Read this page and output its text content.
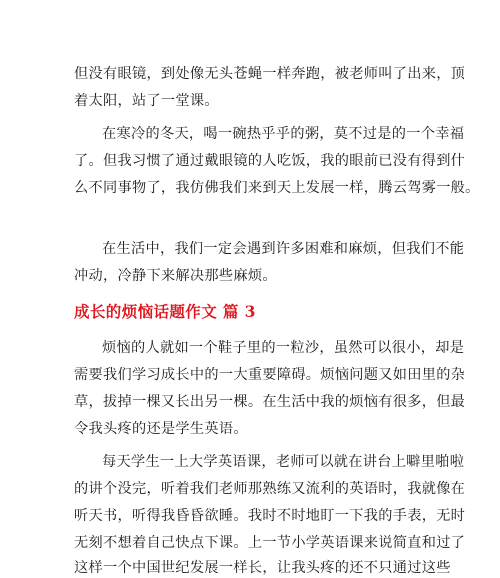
但没有眼镜，到处像无头苍蝇一样奔跑，被老师叫了出来，顶
着太阳，站了一堂课。
在寒冷的冬天，喝一碗热乎乎的粥，莫不过是的一个幸福
了。但我习惯了通过戴眼镜的人吃饭，我的眼前已没有得到什
么不同事物了，我仿佛我们来到天上发展一样，腾云驾雾一般。
在生活中，我们一定会遇到许多困难和麻烦，但我们不能
冲动，冷静下来解决那些麻烦。
成长的烦恼话题作文 篇 3
烦恼的人就如一个鞋子里的一粒沙，虽然可以很小，却是
需要我们学习成长中的一大重要障碍。烦恼问题又如田里的杂
草，拔掉一棵又长出另一棵。在生活中我的烦恼有很多，但最
令我头疼的还是学生英语。
每天学生一上大学英语课，老师可以就在讲台上噼里啪啦
的讲个没完，听着我们老师那熟练又流利的英语时，我就像在
听天书，听得我昏昏欲睡。我时不时地盯一下我的手表，无时
无刻不想着自己快点下课。上一节小学英语课来说简直和过了
这样一个中国世纪发展一样长，让我头疼的还不只通过这些
